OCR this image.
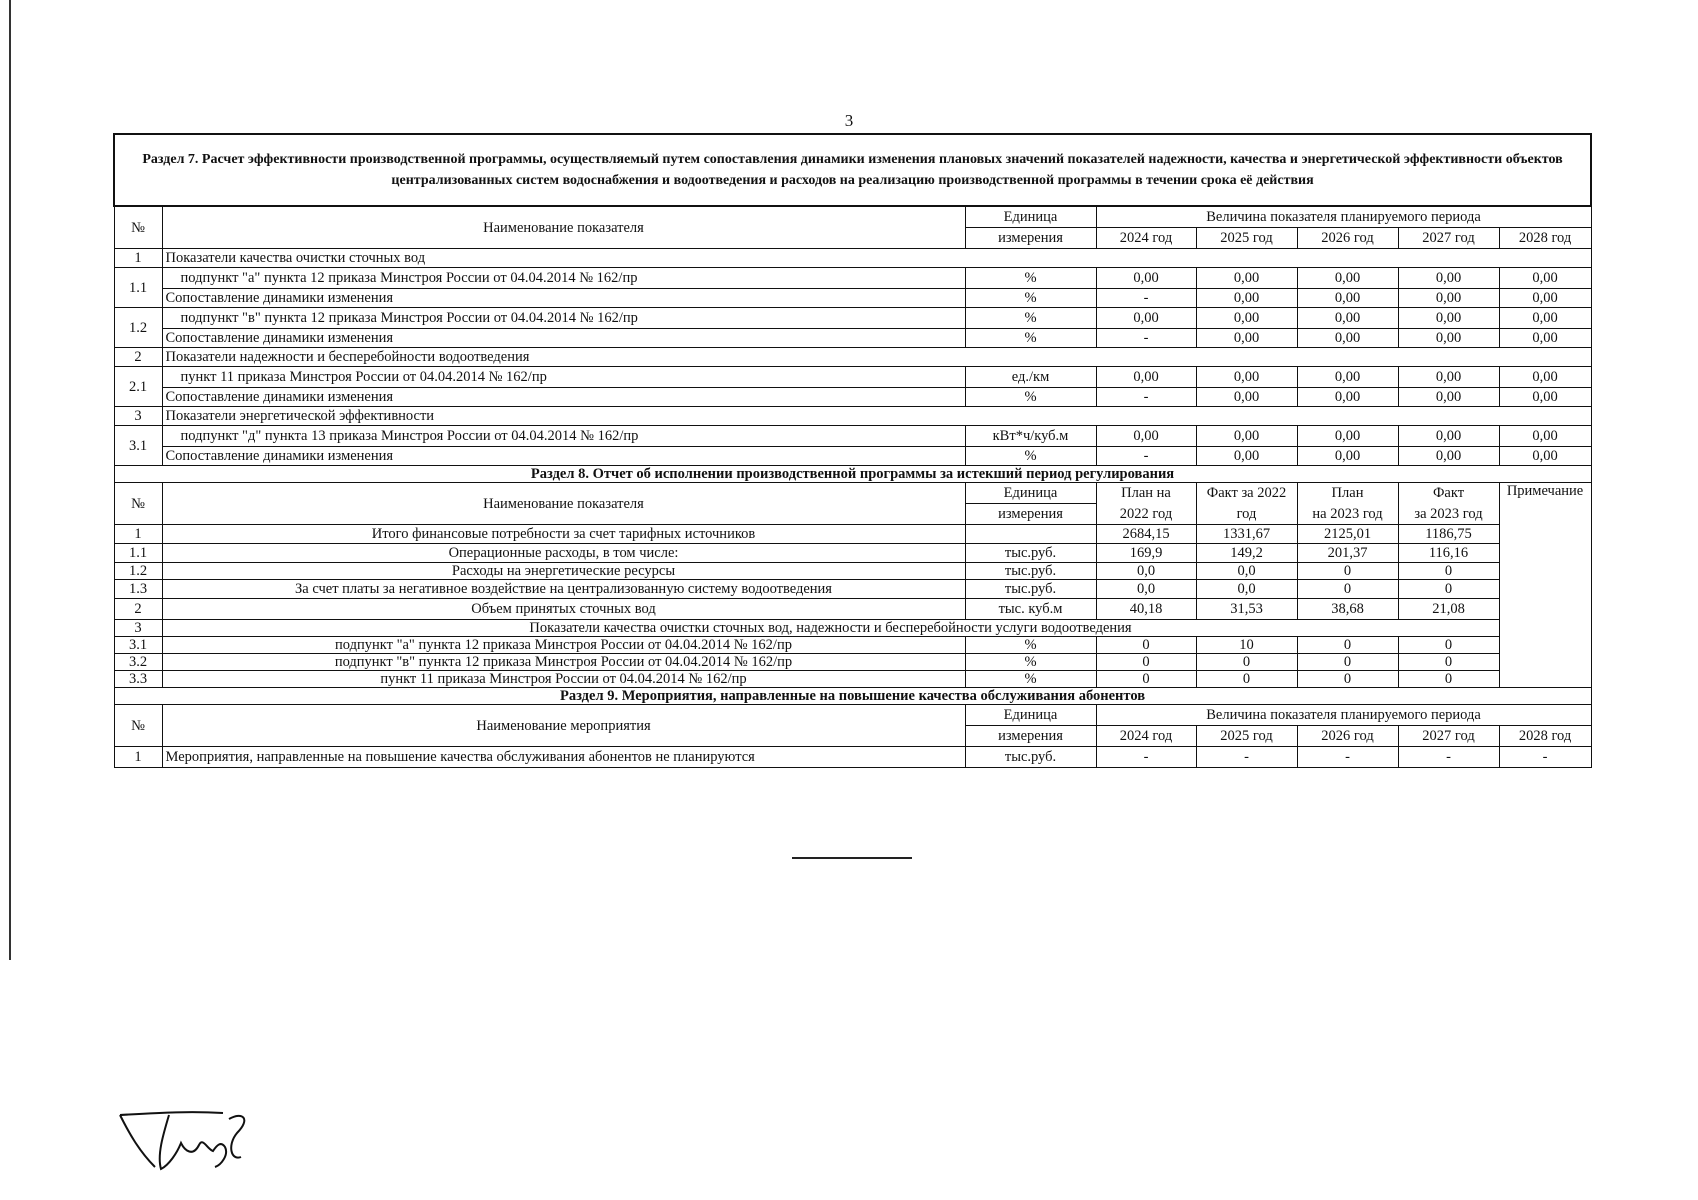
3
Раздел 7. Расчет эффективности производственной программы, осуществляемый путем сопоставления динамики изменения плановых значений показателей надежности, качества и энергетической эффективности объектов централизованных систем водоснабжения и водоотведения и расходов на реализацию производственной программы в течении срока её действия							
№	Наименование показателя	Единица	Величина показателя планируемого периода				
		измерения	2024 год	2025 год	2026 год	2027 год	2028 год
1	Показатели качества очистки сточных вод						
1.1	подпункт "а" пункта 12 приказа Минстроя России от 04.04.2014 № 162/пр	%	0,00	0,00	0,00	0,00	0,00
	Сопоставление динамики изменения	%	-	0,00	0,00	0,00	0,00
1.2	подпункт "в" пункта 12 приказа Минстроя России от 04.04.2014 № 162/пр	%	0,00	0,00	0,00	0,00	0,00
	Сопоставление динамики изменения	%	-	0,00	0,00	0,00	0,00
2	Показатели надежности и бесперебойности водоотведения						
2.1	пункт 11 приказа Минстроя России от 04.04.2014 № 162/пр	ед./км	0,00	0,00	0,00	0,00	0,00
	Сопоставление динамики изменения	%	-	0,00	0,00	0,00	0,00
3	Показатели энергетической эффективности						
3.1	подпункт "д" пункта 13 приказа Минстроя России от 04.04.2014 № 162/пр	кВт*ч/куб.м	0,00	0,00	0,00	0,00	0,00
	Сопоставление динамики изменения	%	-	0,00	0,00	0,00	0,00
Раздел 8. Отчет об исполнении производственной программы за истекший период регулирования							
№	Наименование показателя	Единица	План на	Факт за 2022	План	Факт	Примечание
		измерения	2022 год	год	на 2023 год	за 2023 год	
1	Итого финансовые потребности за счет тарифных источников		2684,15	1331,67	2125,01	1186,75	
1.1	Операционные расходы, в том числе:	тыс.руб.	169,9	149,2	201,37	116,16	
1.2	Расходы на энергетические ресурсы	тыс.руб.	0,0	0,0	0	0	
1.3	За счет платы за негативное воздействие на централизованную систему водоотведения	тыс.руб.	0,0	0,0	0	0	
2	Объем принятых сточных вод	тыс. куб.м	40,18	31,53	38,68	21,08	
3	Показатели качества очистки сточных вод, надежности и бесперебойности услуги водоотведения						
3.1	подпункт "а" пункта 12 приказа Минстроя России от 04.04.2014 № 162/пр	%	0	10	0	0	
3.2	подпункт "в" пункта 12 приказа Минстроя России от 04.04.2014 № 162/пр	%	0	0	0	0	
3.3	пункт 11 приказа Минстроя России от 04.04.2014 № 162/пр	%	0	0	0	0	
Раздел 9. Мероприятия, направленные на повышение качества обслуживания абонентов							
№	Наименование мероприятия	Единица	Величина показателя планируемого периода				
		измерения	2024 год	2025 год	2026 год	2027 год	2028 год
1	Мероприятия, направленные на повышение качества обслуживания абонентов не планируются	тыс.руб.	-	-	-	-	-
